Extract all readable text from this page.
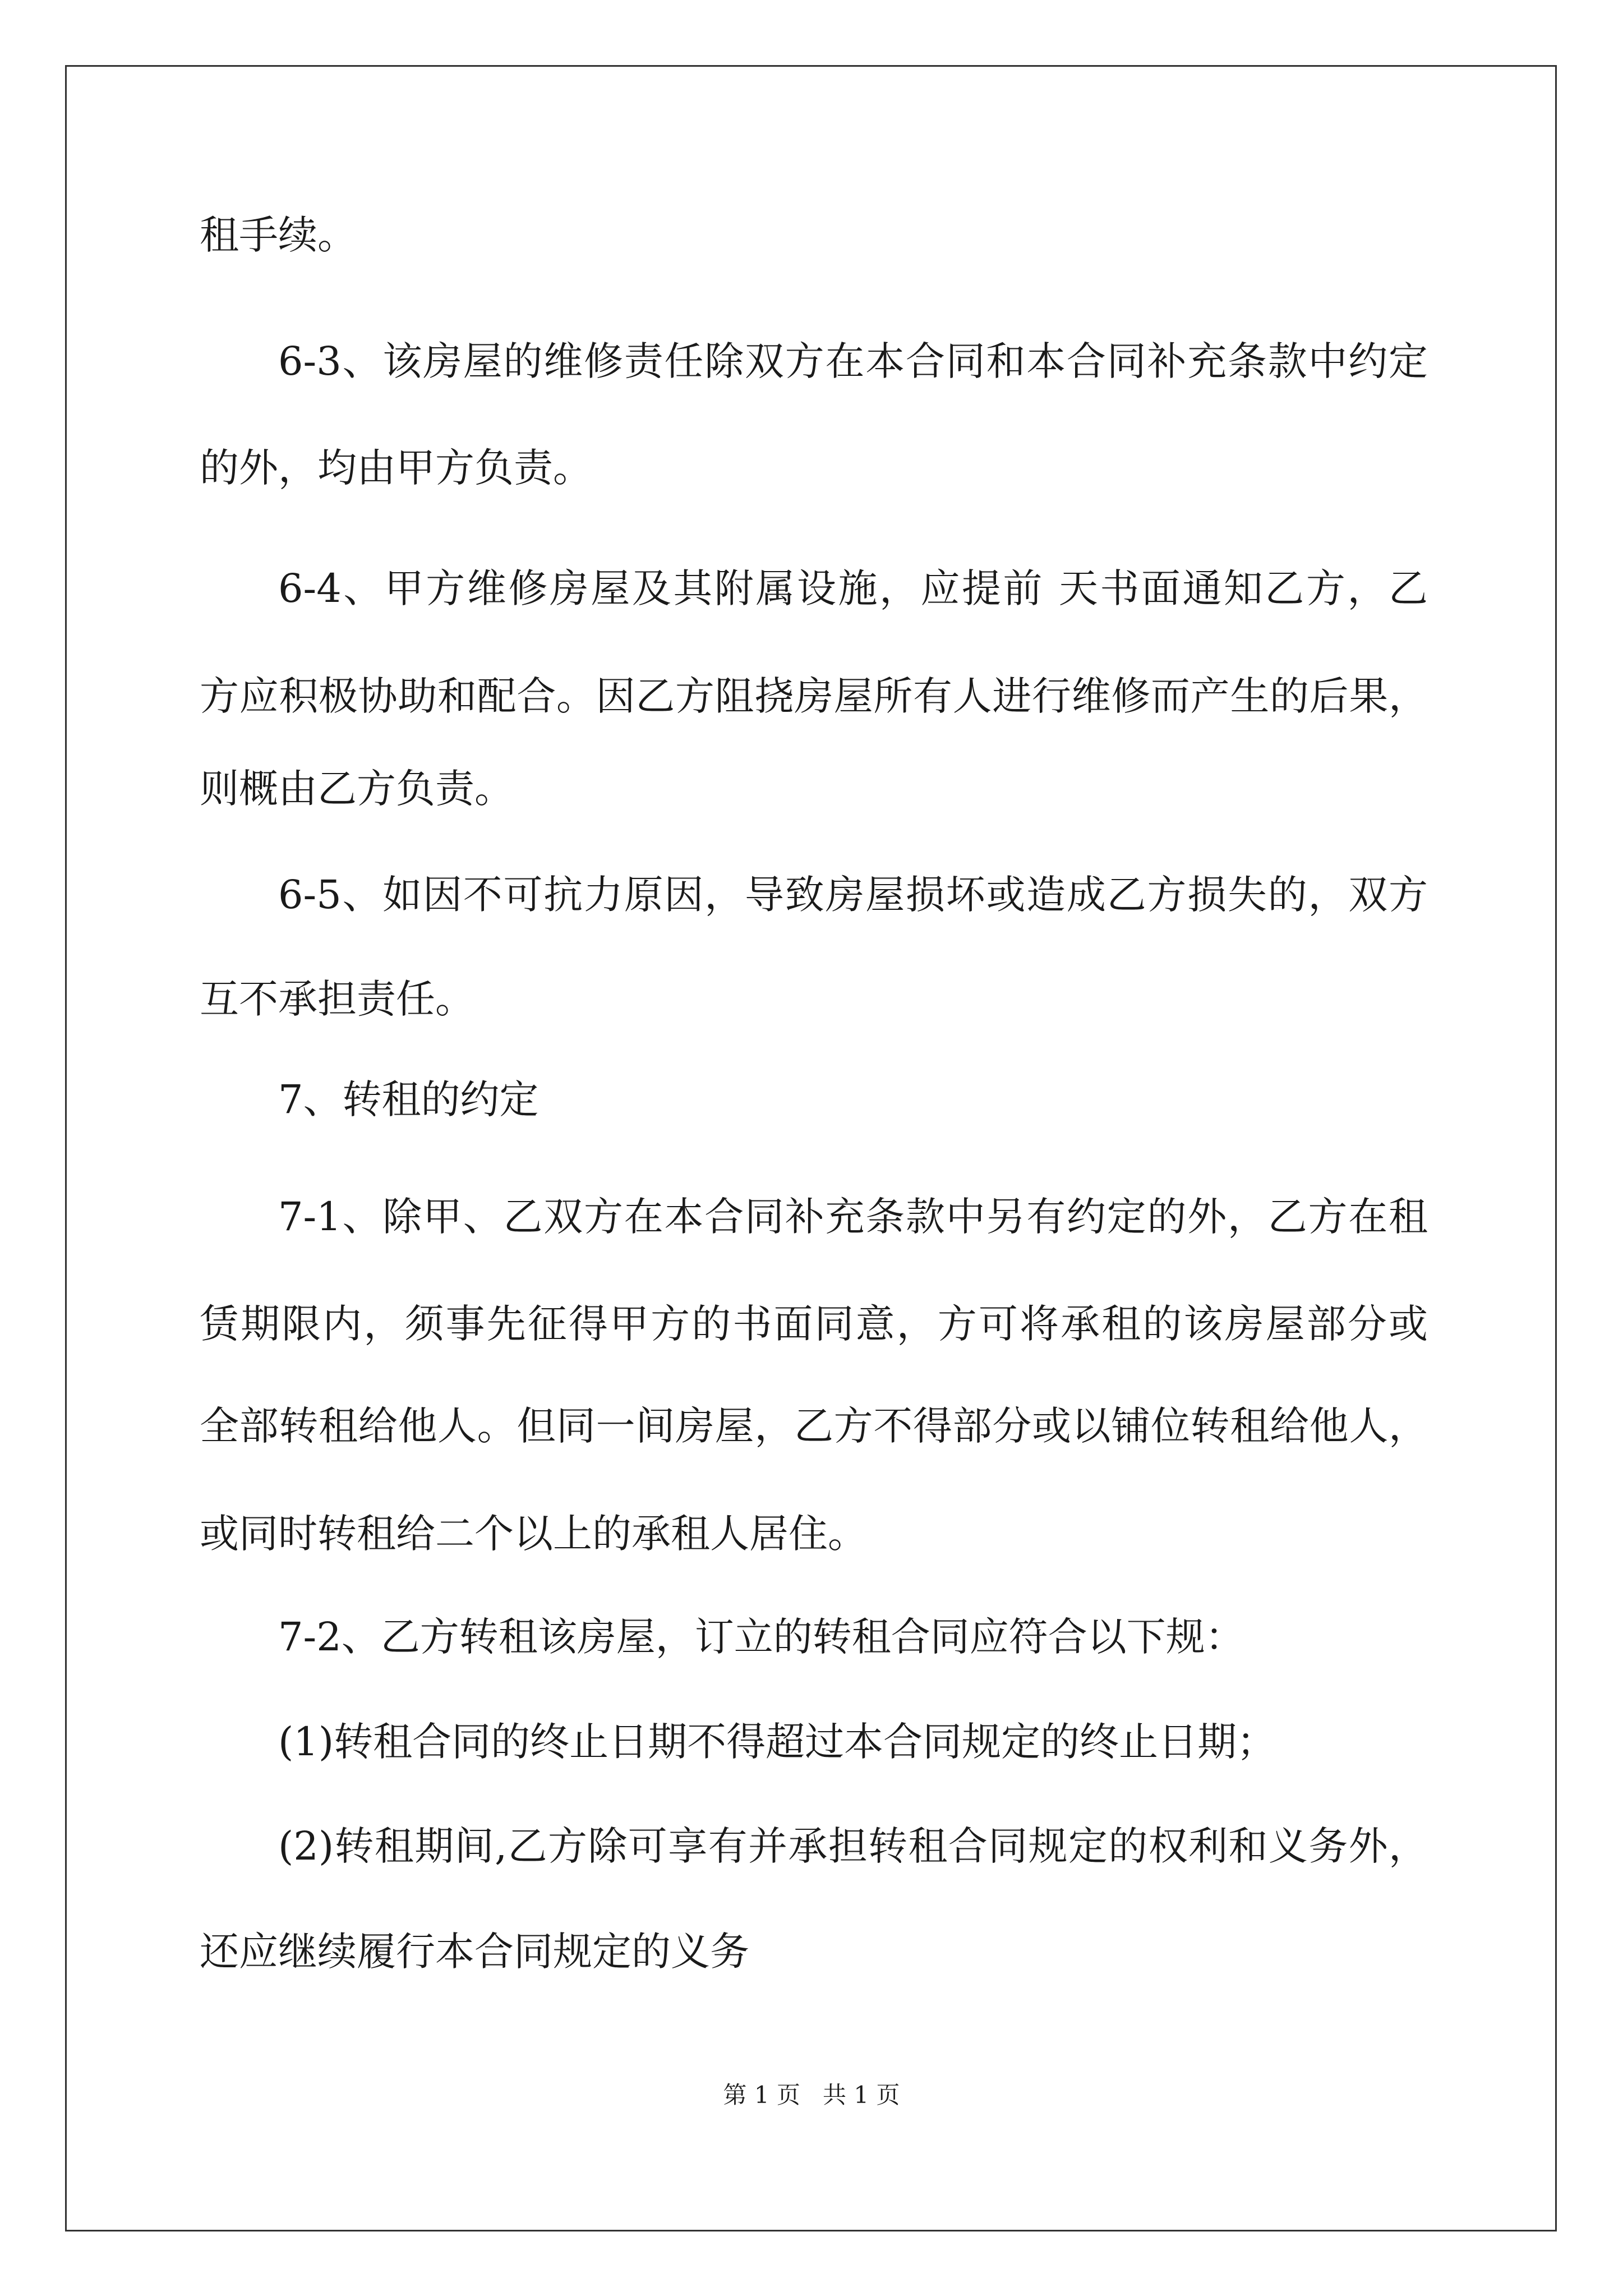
租手续。
6-3、该房屋的维修责任除双方在本合同和本合同补充条款中约定
的外，均由甲方负责。
6-4、甲方维修房屋及其附属设施，应提前 天书面通知乙方，乙
方应积极协助和配合。因乙方阻挠房屋所有人进行维修而产生的后果，
则概由乙方负责。
6-5、如因不可抗力原因，导致房屋损坏或造成乙方损失的，双方
互不承担责任。
7、转租的约定
7-1、除甲、乙双方在本合同补充条款中另有约定的外，乙方在租
赁期限内，须事先征得甲方的书面同意，方可将承租的该房屋部分或
全部转租给他人。但同一间房屋，乙方不得部分或以铺位转租给他人，
或同时转租给二个以上的承租人居住。
7-2、乙方转租该房屋，订立的转租合同应符合以下规：
(1)转租合同的终止日期不得超过本合同规定的终止日期；
(2)转租期间,乙方除可享有并承担转租合同规定的权利和义务外，
还应继续履行本合同规定的义务
第 1 页   共 1 页
